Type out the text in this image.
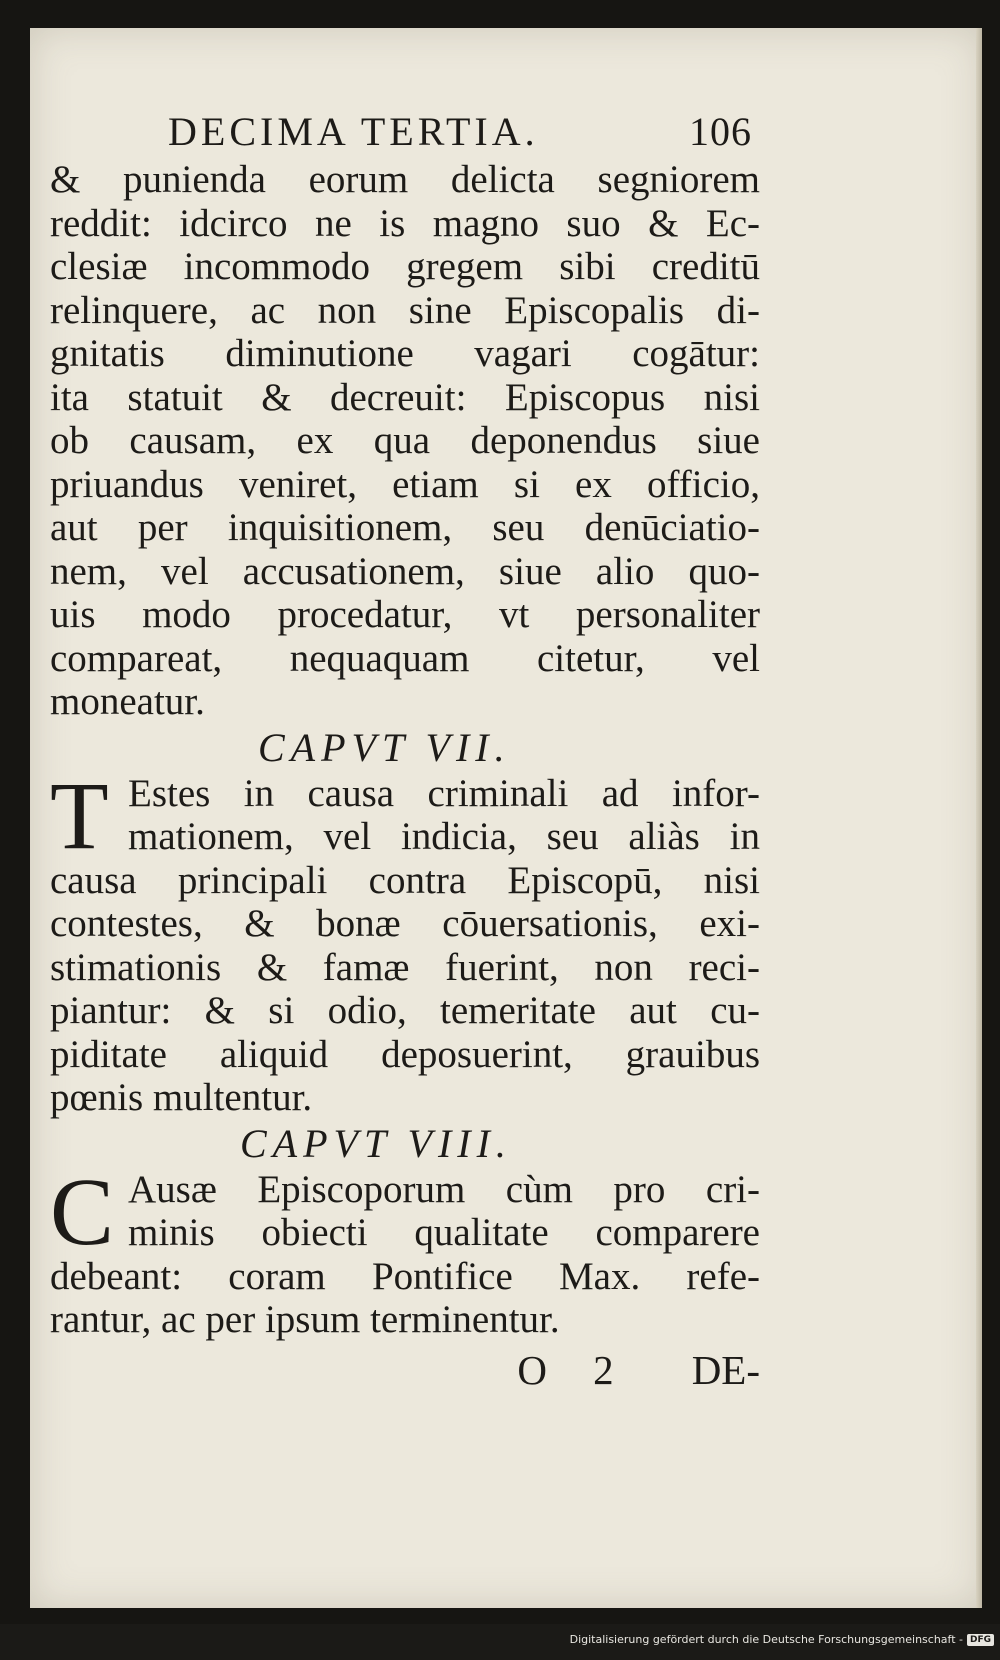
DECIMA TERTIA.	106
& punienda eorum delicta segniorem
reddit: idcirco ne is magno suo & Ec-
clesiæ incommodo gregem sibi creditū
relinquere, ac non sine Episcopalis di-
gnitatis diminutione vagari cogātur:
ita statuit & decreuit: Episcopus nisi
ob causam, ex qua deponendus siue
priuandus veniret, etiam si ex officio,
aut per inquisitionem, seu denūciatio-
nem, vel accusationem, siue alio quo-
uis modo procedatur, vt personaliter
compareat, nequaquam citetur, vel
moneatur.
CAPVT VII.
T Estes in causa criminali ad infor-
mationem, vel indicia, seu aliàs in
causa principali contra Episcopū, nisi
contestes, & bonæ cōuersationis, exi-
stimationis & famæ fuerint, non reci-
piantur: & si odio, temeritate aut cu-
piditate aliquid deposuerint, grauibus
pœnis multentur.
CAPVT VIII.
C Ausæ Episcoporum cùm pro cri-
minis obiecti qualitate comparere
debeant: coram Pontifice Max. refe-
rantur, ac per ipsum terminentur.
O 2 DE-
Digitalisierung gefördert durch die Deutsche Forschungsgemeinschaft - DFG
